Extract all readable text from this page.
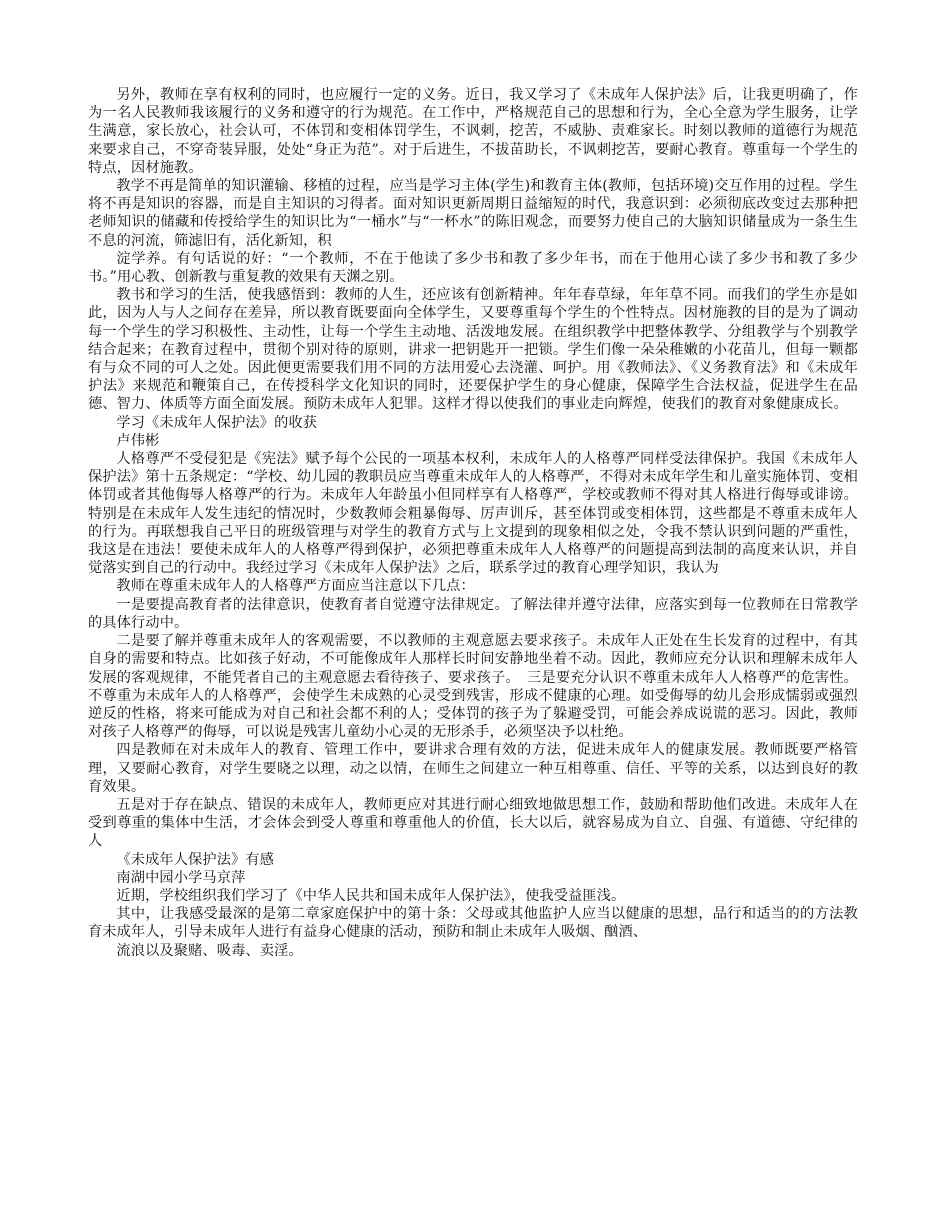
另外，教师在享有权利的同时，也应履行一定的义务。近日，我又学习了《未成年人保护法》后，让我更明确了，作为一名人民教师我该履行的义务和遵守的行为规范。在工作中，严格规范自己的思想和行为，全心全意为学生服务，让学生满意，家长放心，社会认可，不体罚和变相体罚学生，不讽刺，挖苦，不威胁、责难家长。时刻以教师的道德行为规范来要求自己，不穿奇装异服，处处“身正为范”。对于后进生，不拔苗助长，不讽刺挖苦，要耐心教育。尊重每一个学生的特点，因材施教。

教学不再是简单的知识灌输、移植的过程，应当是学习主体(学生)和教育主体(教师，包括环境)交互作用的过程。学生将不再是知识的容器，而是自主知识的习得者。面对知识更新周期日益缩短的时代，我意识到：必须彻底改变过去那种把老师知识的储藏和传授给学生的知识比为“一桶水”与“一杯水”的陈旧观念，而要努力使自己的大脑知识储量成为一条生生不息的河流，筛滤旧有，活化新知，积

淀学养。有句话说的好：“一个教师，不在于他读了多少书和教了多少年书，而在于他用心读了多少书和教了多少书。”用心教、创新教与重复教的效果有天渊之别。

教书和学习的生活，使我感悟到：教师的人生，还应该有创新精神。年年春草绿，年年草不同。而我们的学生亦是如此，因为人与人之间存在差异，所以教育既要面向全体学生，又要尊重每个学生的个性特点。因材施教的目的是为了调动每一个学生的学习积极性、主动性，让每一个学生主动地、活泼地发展。在组织教学中把整体教学、分组教学与个别教学结合起来；在教育过程中，贯彻个别对待的原则，讲求一把钥匙开一把锁。学生们像一朵朵稚嫩的小花苗儿，但每一颗都有与众不同的可人之处。因此便更需要我们用不同的方法用爱心去浇灌、呵护。用《教师法》、《义务教育法》和《未成年护法》来规范和鞭策自己，在传授科学文化知识的同时，还要保护学生的身心健康，保障学生合法权益，促进学生在品德、智力、体质等方面全面发展。预防未成年人犯罪。这样才得以使我们的事业走向辉煌，使我们的教育对象健康成长。

学习《未成年人保护法》的收获

卢伟彬

人格尊严不受侵犯是《宪法》赋予每个公民的一项基本权利，未成年人的人格尊严同样受法律保护。我国《未成年人保护法》第十五条规定：“学校、幼儿园的教职员应当尊重未成年人的人格尊严，不得对未成年学生和儿童实施体罚、变相体罚或者其他侮辱人格尊严的行为。未成年人年龄虽小但同样享有人格尊严，学校或教师不得对其人格进行侮辱或诽谤。特别是在未成年人发生违纪的情况时，少数教师会粗暴侮辱、厉声训斥，甚至体罚或变相体罚，这些都是不尊重未成年人的行为。再联想我自己平日的班级管理与对学生的教育方式与上文提到的现象相似之处，令我不禁认识到问题的严重性，我这是在违法！要使未成年人的人格尊严得到保护，必须把尊重未成年人人格尊严的问题提高到法制的高度来认识，并自觉落实到自己的行动中。我经过学习《未成年人保护法》之后，联系学过的教育心理学知识，我认为

教师在尊重未成年人的人格尊严方面应当注意以下几点：

一是要提高教育者的法律意识，使教育者自觉遵守法律规定。了解法律并遵守法律，应落实到每一位教师在日常教学的具体行动中。

二是要了解并尊重未成年人的客观需要，不以教师的主观意愿去要求孩子。未成年人正处在生长发育的过程中，有其自身的需要和特点。比如孩子好动，不可能像成年人那样长时间安静地坐着不动。因此，教师应充分认识和理解未成年人发展的客观规律，不能凭者自己的主观意愿去看待孩子、要求孩子。　三是要充分认识不尊重未成年人人格尊严的危害性。不尊重为未成年人的人格尊严，会使学生未成熟的心灵受到残害，形成不健康的心理。如受侮辱的幼儿会形成懦弱或强烈逆反的性格，将来可能成为对自己和社会都不利的人；受体罚的孩子为了躲避受罚，可能会养成说谎的恶习。因此，教师对孩子人格尊严的侮辱，可以说是残害儿童幼小心灵的无形杀手，必须坚决予以杜绝。

四是教师在对未成年人的教育、管理工作中，要讲求合理有效的方法，促进未成年人的健康发展。教师既要严格管理，又要耐心教育，对学生要晓之以理，动之以情，在师生之间建立一种互相尊重、信任、平等的关系，以达到良好的教育效果。

五是对于存在缺点、错误的未成年人，教师更应对其进行耐心细致地做思想工作，鼓励和帮助他们改进。未成年人在受到尊重的集体中生活，才会体会到受人尊重和尊重他人的价值，长大以后，就容易成为自立、自强、有道德、守纪律的人

《未成年人保护法》有感

南湖中园小学马京萍

近期，学校组织我们学习了《中华人民共和国未成年人保护法》，使我受益匪浅。

其中，让我感受最深的是第二章家庭保护中的第十条：父母或其他监护人应当以健康的思想，品行和适当的的方法教育未成年人，引导未成年人进行有益身心健康的活动，预防和制止未成年人吸烟、酗酒、

流浪以及聚赌、吸毒、卖淫。
